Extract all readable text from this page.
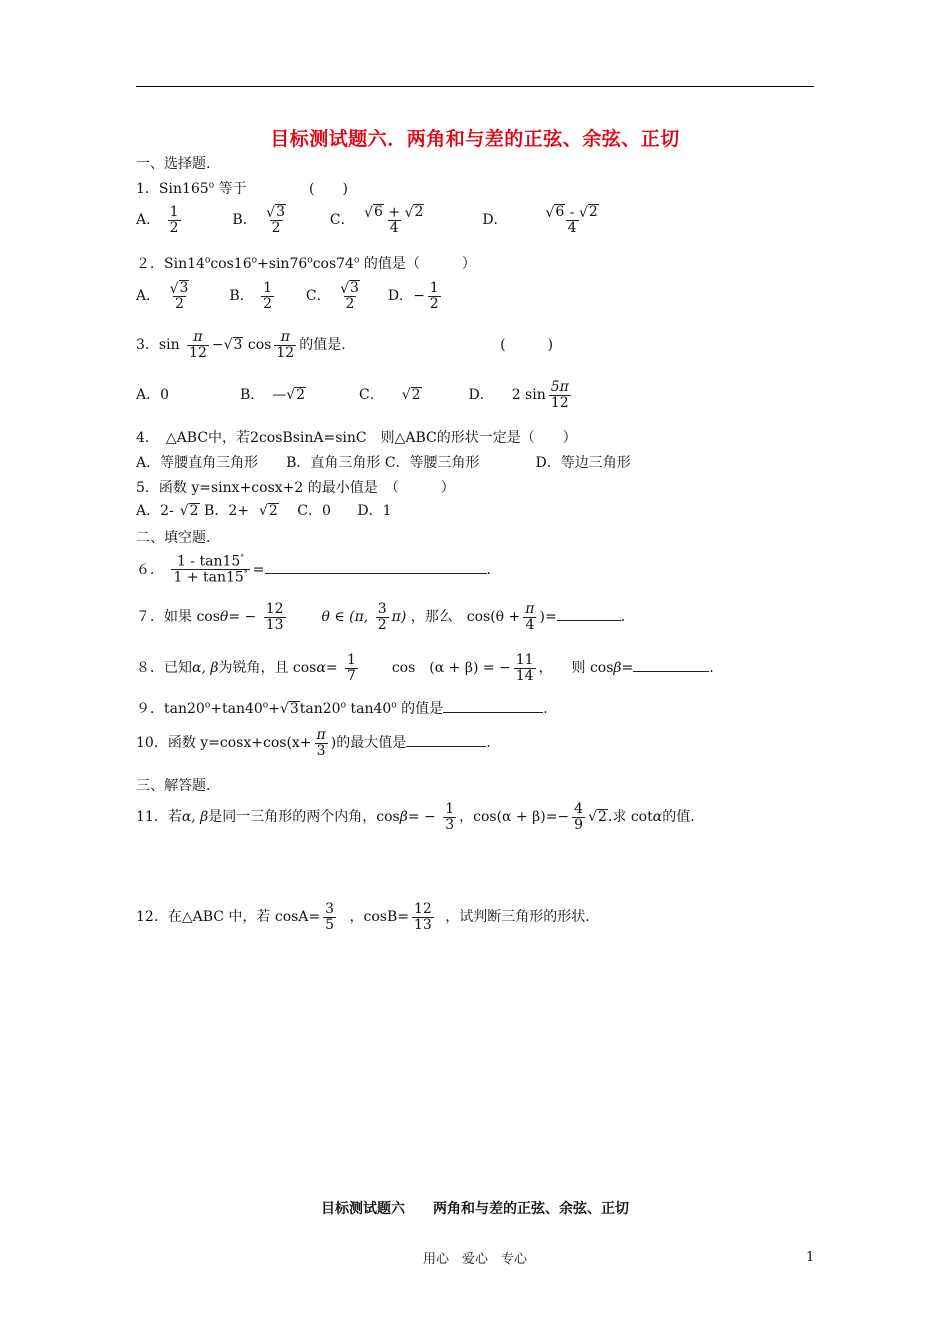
目标测试题六．两角和与差的正弦、余弦、正切
一、选择题.
1．Sin165$^o$ 等于	(　　)
A． $\frac{1}{2}$	B． $\frac{√ 3}{2}$	C． $\frac{√ 6 + √ 2}{4}$	D．	$\frac{√ 6 - √ 2}{4}$
２．$Sin14^o\cos 16^o+\sin 76^o\cos 74^o$ 的值是（　　　）
A． $\frac{√ 3}{2}$	B． $\frac{1}{2}$ C． $\frac{√ 3}{2}$ D．− $\frac{1}{2}$
3．$\sin \frac{\pi}{12}$ − √ 3 $\cos \frac{\pi}{12}$ 的值是.	(　　　)
A．0	B． — √ 2	C． √ 2	D． 2 $\sin \frac{5\pi}{12}$
4．　△ABC中，若2cosBsinA=sinC　则△ABC的形状一定是（　　）
A．等腰直角三角形　　B．直角三角形 C．等腰三角形　　　　D．等边三角形
5．函数 y=sinx+cosx+2 的最小值是　（　　　）
A．2- √ 2 B．2+ √ 2 C．0 D．1
二、填空题.
６． $\frac{1 - \tan 15^\circ}{1 + \tan 15^\circ}$ =	.
７．如果 $\cos\theta= - \frac{12}{13}$	θ ∈ (π, $\frac{3}{2} \pi$) ，那么　$\cos(\theta + \frac{\pi}{4}$ )=	.
８．已知α, β为锐角，且 $\cos\alpha= \frac{1}{7}$ cos　(α + β) = − $\frac{11}{14}$ ， 则 cosβ=	.
９．$\tan 20^o+\tan 40^o+$ √ 3 tan20$^o$ tan40$^o$ 的值是	.
10．函数 $y=\cos x+\cos(x+ \frac{\pi}{3}$ )的最大值是	.
三、解答题.
11．若α, β是同一三角形的两个内角，$\cos\beta= - \frac{1}{3}$ ，$\cos(\alpha + \beta)=- \frac{4}{9}$ √ 2 .求 cotα的值.
12．在△ABC 中，若 $\cos A= \frac{3}{5}$ ，$\cos B= \frac{12}{13}$ ，试判断三角形的形状.
目标测试题六　　两角和与差的正弦、余弦、正切
用心　爱心　专心	1
